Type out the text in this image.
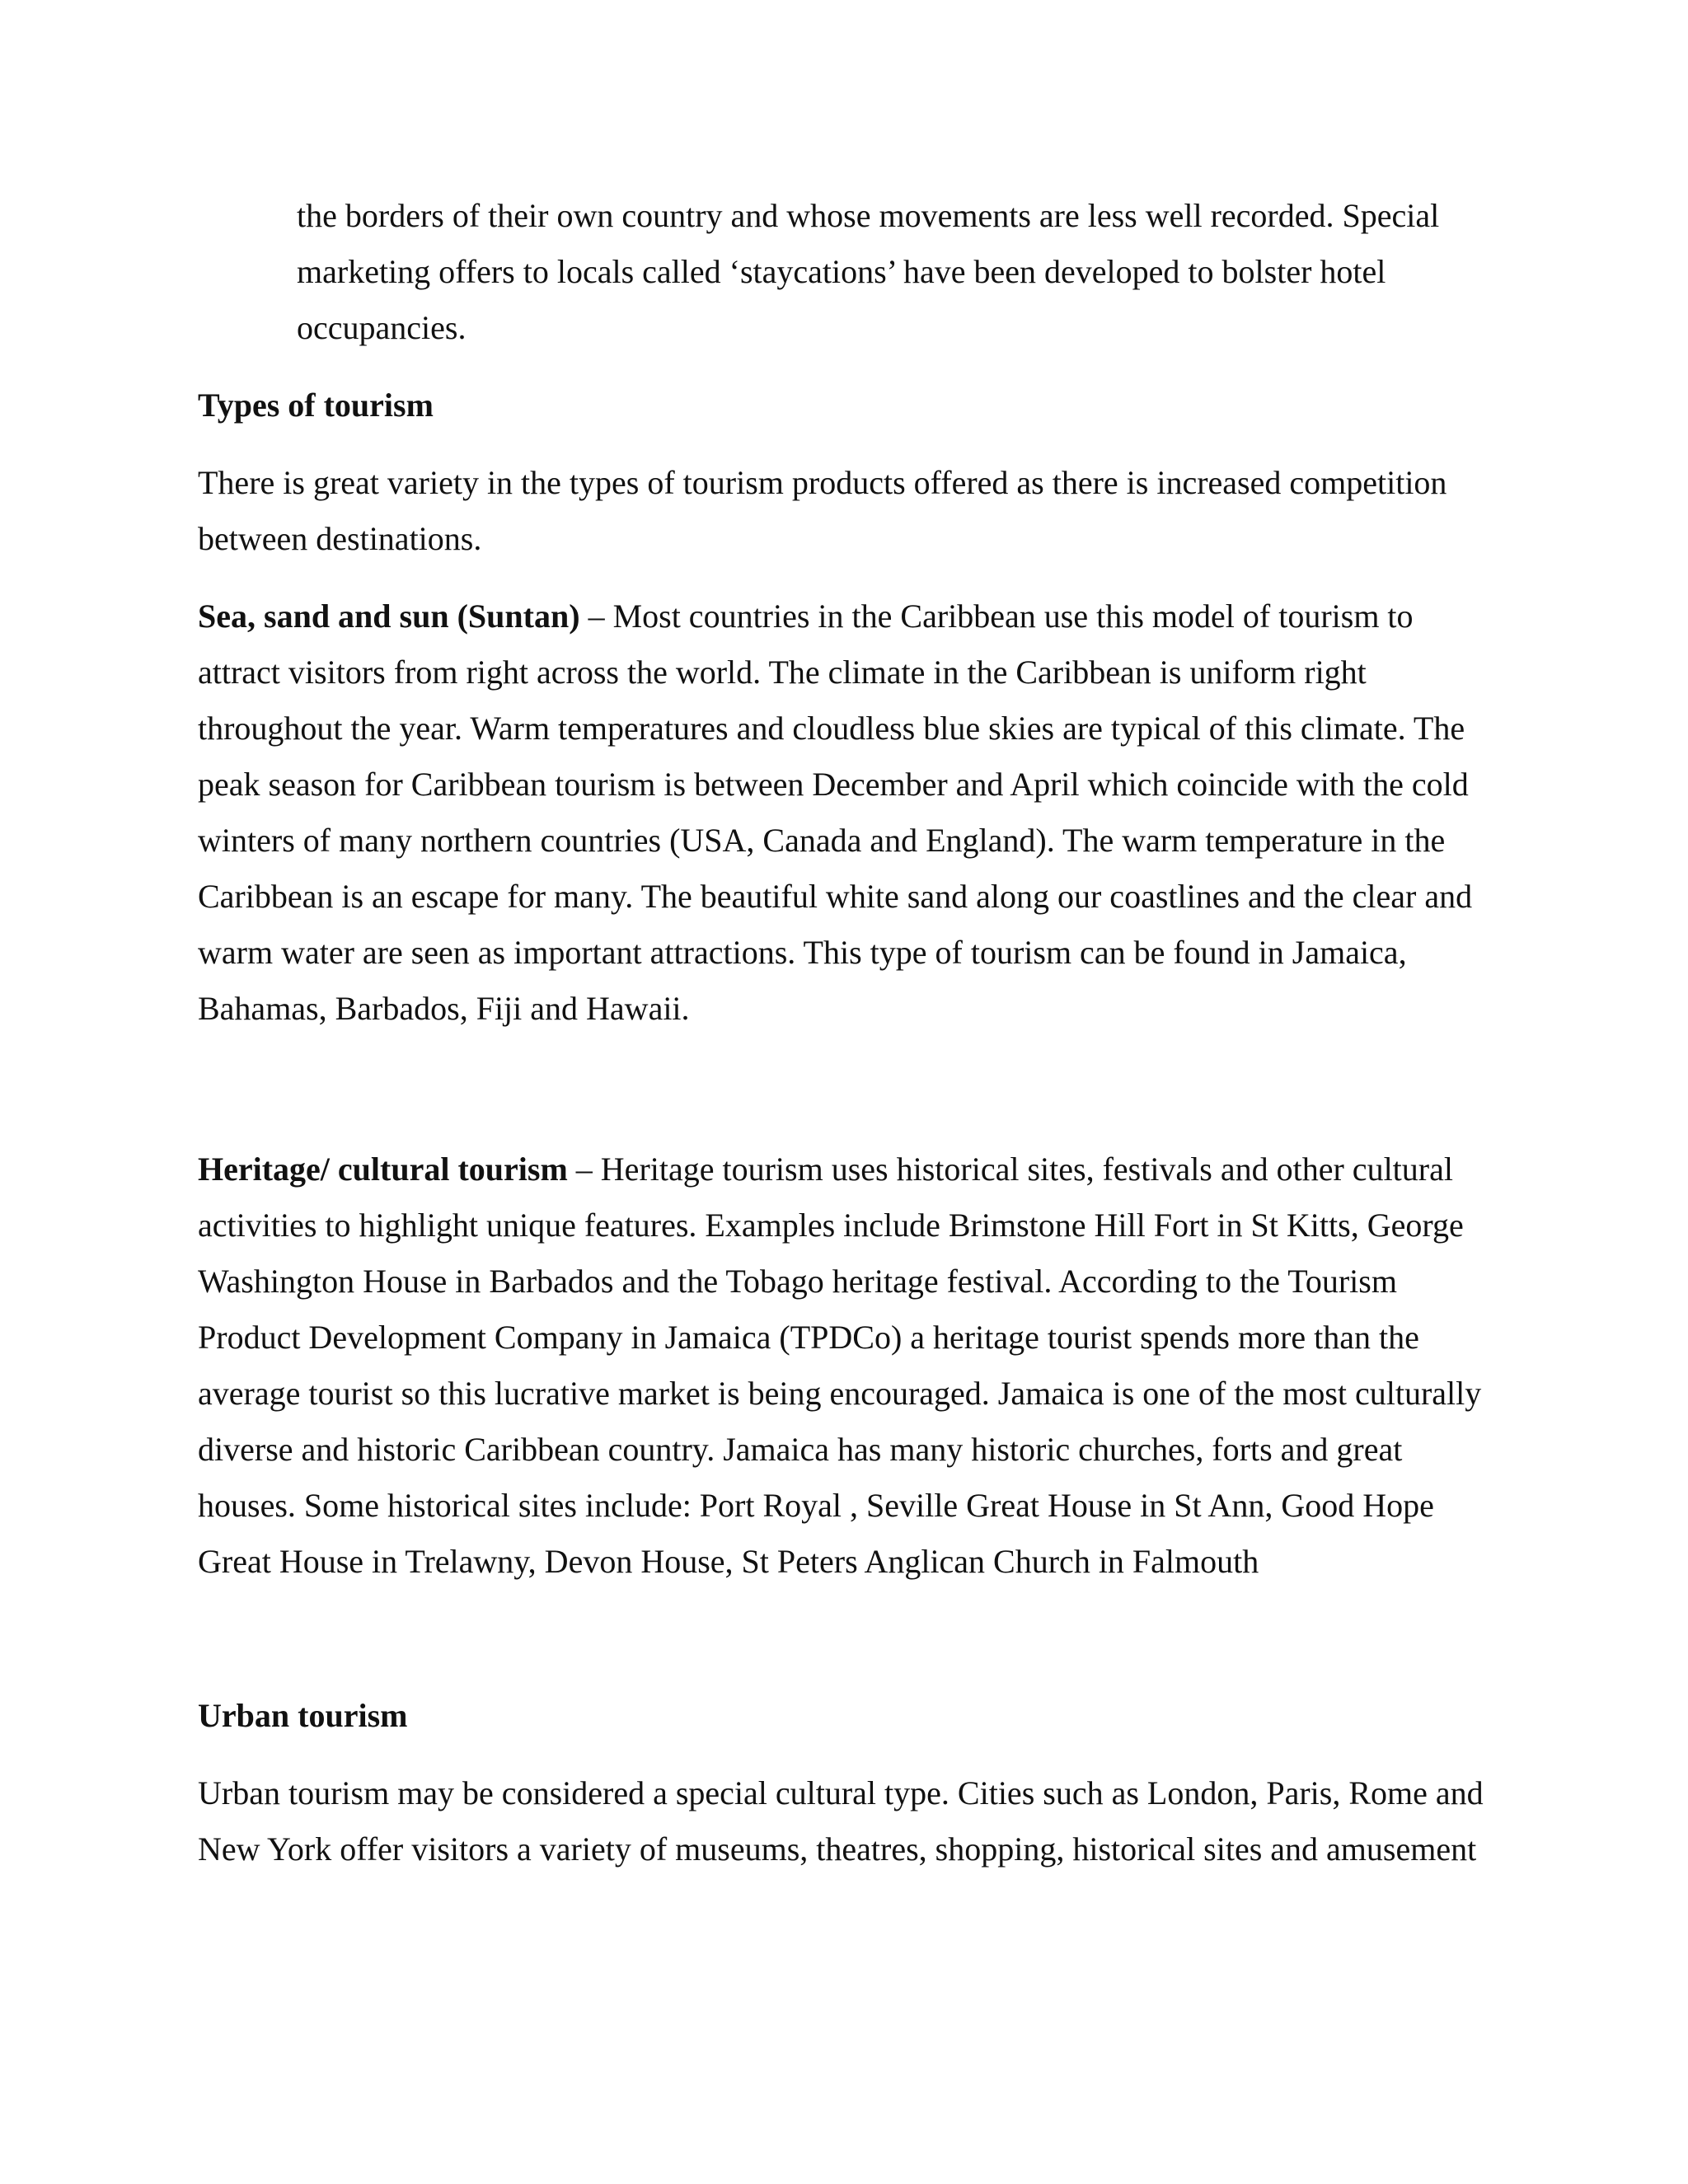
the borders of their own country and whose movements are less well recorded. Special
marketing offers to locals called ‘staycations’ have been developed to bolster hotel
occupancies.
Types of tourism
There is great variety in the types of tourism products offered as there is increased competition
between destinations.
Sea, sand and sun (Suntan) – Most countries in the Caribbean use this model of tourism to
attract visitors from right across the world. The climate in the Caribbean is uniform right
throughout the year. Warm temperatures and cloudless blue skies are typical of this climate. The
peak season for Caribbean tourism is between December and April which coincide with the cold
winters of many northern countries (USA, Canada and England). The warm temperature in the
Caribbean is an escape for many. The beautiful white sand along our coastlines and the clear and
warm water are seen as important attractions. This type of tourism can be found in Jamaica,
Bahamas, Barbados, Fiji and Hawaii.
Heritage/ cultural tourism – Heritage tourism uses historical sites, festivals and other cultural
activities to highlight unique features. Examples include Brimstone Hill Fort in St Kitts, George
Washington House in Barbados and the Tobago heritage festival. According to the Tourism
Product Development Company in Jamaica (TPDCo) a heritage tourist spends more than the
average tourist so this lucrative market is being encouraged. Jamaica is one of the most culturally
diverse and historic Caribbean country. Jamaica has many historic churches, forts and great
houses. Some historical sites include: Port Royal , Seville Great House in St Ann, Good Hope
Great House in Trelawny, Devon House, St Peters Anglican Church in Falmouth
Urban tourism
Urban tourism may be considered a special cultural type. Cities such as London, Paris, Rome and
New York offer visitors a variety of museums, theatres, shopping, historical sites and amusement
